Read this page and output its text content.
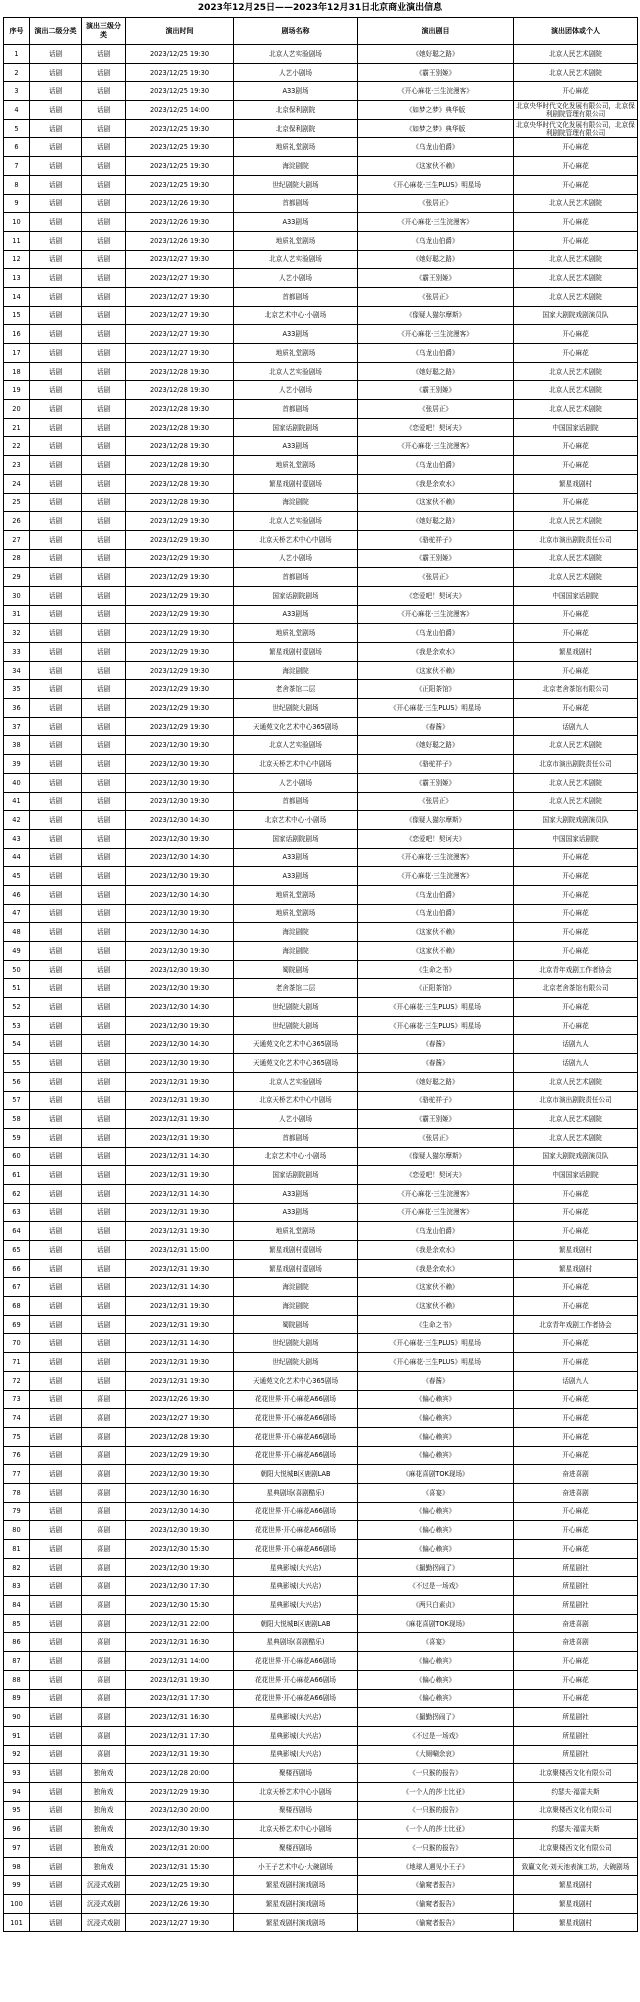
2023年12月25日——2023年12月31日北京商业演出信息
序号	演出二级分类	演出三级分类	演出时间	剧场名称	演出剧目	演出团体或个人
1	话剧	话剧	2023/12/25 19:30	北京人艺实验剧场	《她好聪之路》	北京人民艺术剧院
2	话剧	话剧	2023/12/25 19:30	人艺小剧场	《霸王别姬》	北京人民艺术剧院
3	话剧	话剧	2023/12/25 19:30	A33剧场	《开心麻花·三生浣漫客》	开心麻花
4	话剧	话剧	2023/12/25 14:00	北京保利剧院	《如梦之梦》典华版	北京央华时代文化发展有限公司，北京保利剧院管理有限公司
5	话剧	话剧	2023/12/25 19:30	北京保利剧院	《如梦之梦》典华版	北京央华时代文化发展有限公司，北京保利剧院管理有限公司
6	话剧	话剧	2023/12/25 19:30	地质礼堂剧场	《乌龙山伯爵》	开心麻花
7	话剧	话剧	2023/12/25 19:30	海淀剧院	《这家伙不赖》	开心麻花
8	话剧	话剧	2023/12/25 19:30	世纪剧院大剧场	《开心麻花·三生PLUS》明星场	开心麻花
9	话剧	话剧	2023/12/26 19:30	首都剧场	《张居正》	北京人民艺术剧院
10	话剧	话剧	2023/12/26 19:30	A33剧场	《开心麻花·三生浣漫客》	开心麻花
11	话剧	话剧	2023/12/26 19:30	地质礼堂剧场	《乌龙山伯爵》	开心麻花
12	话剧	话剧	2023/12/27 19:30	北京人艺实验剧场	《她好聪之路》	北京人民艺术剧院
13	话剧	话剧	2023/12/27 19:30	人艺小剧场	《霸王别姬》	北京人民艺术剧院
14	话剧	话剧	2023/12/27 19:30	首都剧场	《张居正》	北京人民艺术剧院
15	话剧	话剧	2023/12/27 19:30	北京艺术中心·小剧场	《像疑人猫尔摩斯》	国家大剧院戏剧演员队
16	话剧	话剧	2023/12/27 19:30	A33剧场	《开心麻花·三生浣漫客》	开心麻花
17	话剧	话剧	2023/12/27 19:30	地质礼堂剧场	《乌龙山伯爵》	开心麻花
18	话剧	话剧	2023/12/28 19:30	北京人艺实验剧场	《她好聪之路》	北京人民艺术剧院
19	话剧	话剧	2023/12/28 19:30	人艺小剧场	《霸王别姬》	北京人民艺术剧院
20	话剧	话剧	2023/12/28 19:30	首都剧场	《张居正》	北京人民艺术剧院
21	话剧	话剧	2023/12/28 19:30	国家话剧院剧场	《恋爱吧！契诃夫》	中国国家话剧院
22	话剧	话剧	2023/12/28 19:30	A33剧场	《开心麻花·三生浣漫客》	开心麻花
23	话剧	话剧	2023/12/28 19:30	地质礼堂剧场	《乌龙山伯爵》	开心麻花
24	话剧	话剧	2023/12/28 19:30	繁星戏剧村壹剧场	《我是余欢水》	繁星戏剧村
25	话剧	话剧	2023/12/28 19:30	海淀剧院	《这家伙不赖》	开心麻花
26	话剧	话剧	2023/12/29 19:30	北京人艺实验剧场	《她好聪之路》	北京人民艺术剧院
27	话剧	话剧	2023/12/29 19:30	北京天桥艺术中心中剧场	《骆驼祥子》	北京市演出剧院责任公司
28	话剧	话剧	2023/12/29 19:30	人艺小剧场	《霸王别姬》	北京人民艺术剧院
29	话剧	话剧	2023/12/29 19:30	首都剧场	《张居正》	北京人民艺术剧院
30	话剧	话剧	2023/12/29 19:30	国家话剧院剧场	《恋爱吧！契诃夫》	中国国家话剧院
31	话剧	话剧	2023/12/29 19:30	A33剧场	《开心麻花·三生浣漫客》	开心麻花
32	话剧	话剧	2023/12/29 19:30	地质礼堂剧场	《乌龙山伯爵》	开心麻花
33	话剧	话剧	2023/12/29 19:30	繁星戏剧村壹剧场	《我是余欢水》	繁星戏剧村
34	话剧	话剧	2023/12/29 19:30	海淀剧院	《这家伙不赖》	开心麻花
35	话剧	话剧	2023/12/29 19:30	老舍茶馆二层	《正阳茶馆》	北京老舍茶馆有限公司
36	话剧	话剧	2023/12/29 19:30	世纪剧院大剧场	《开心麻花·三生PLUS》明星场	开心麻花
37	话剧	话剧	2023/12/29 19:30	天通苑文化艺术中心365剧场	《春酱》	话剧九人
38	话剧	话剧	2023/12/30 19:30	北京人艺实验剧场	《她好聪之路》	北京人民艺术剧院
39	话剧	话剧	2023/12/30 19:30	北京天桥艺术中心中剧场	《骆驼祥子》	北京市演出剧院责任公司
40	话剧	话剧	2023/12/30 19:30	人艺小剧场	《霸王别姬》	北京人民艺术剧院
41	话剧	话剧	2023/12/30 19:30	首都剧场	《张居正》	北京人民艺术剧院
42	话剧	话剧	2023/12/30 14:30	北京艺术中心·小剧场	《像疑人猫尔摩斯》	国家大剧院戏剧演员队
43	话剧	话剧	2023/12/30 19:30	国家话剧院剧场	《恋爱吧！契诃夫》	中国国家话剧院
44	话剧	话剧	2023/12/30 14:30	A33剧场	《开心麻花·三生浣漫客》	开心麻花
45	话剧	话剧	2023/12/30 19:30	A33剧场	《开心麻花·三生浣漫客》	开心麻花
46	话剧	话剧	2023/12/30 14:30	地质礼堂剧场	《乌龙山伯爵》	开心麻花
47	话剧	话剧	2023/12/30 19:30	地质礼堂剧场	《乌龙山伯爵》	开心麻花
48	话剧	话剧	2023/12/30 14:30	海淀剧院	《这家伙不赖》	开心麻花
49	话剧	话剧	2023/12/30 19:30	海淀剧院	《这家伙不赖》	开心麻花
50	话剧	话剧	2023/12/30 19:30	蜀院剧场	《生命之书》	北京青年戏剧工作者协会
51	话剧	话剧	2023/12/30 19:30	老舍茶馆二层	《正阳茶馆》	北京老舍茶馆有限公司
52	话剧	话剧	2023/12/30 14:30	世纪剧院大剧场	《开心麻花·三生PLUS》明星场	开心麻花
53	话剧	话剧	2023/12/30 19:30	世纪剧院大剧场	《开心麻花·三生PLUS》明星场	开心麻花
54	话剧	话剧	2023/12/30 14:30	天通苑文化艺术中心365剧场	《春酱》	话剧九人
55	话剧	话剧	2023/12/30 19:30	天通苑文化艺术中心365剧场	《春酱》	话剧九人
56	话剧	话剧	2023/12/31 19:30	北京人艺实验剧场	《她好聪之路》	北京人民艺术剧院
57	话剧	话剧	2023/12/31 19:30	北京天桥艺术中心中剧场	《骆驼祥子》	北京市演出剧院责任公司
58	话剧	话剧	2023/12/31 19:30	人艺小剧场	《霸王别姬》	北京人民艺术剧院
59	话剧	话剧	2023/12/31 19:30	首都剧场	《张居正》	北京人民艺术剧院
60	话剧	话剧	2023/12/31 14:30	北京艺术中心·小剧场	《像疑人猫尔摩斯》	国家大剧院戏剧演员队
61	话剧	话剧	2023/12/31 19:30	国家话剧院剧场	《恋爱吧！契诃夫》	中国国家话剧院
62	话剧	话剧	2023/12/31 14:30	A33剧场	《开心麻花·三生浣漫客》	开心麻花
63	话剧	话剧	2023/12/31 19:30	A33剧场	《开心麻花·三生浣漫客》	开心麻花
64	话剧	话剧	2023/12/31 19:30	地质礼堂剧场	《乌龙山伯爵》	开心麻花
65	话剧	话剧	2023/12/31 15:00	繁星戏剧村壹剧场	《我是余欢水》	繁星戏剧村
66	话剧	话剧	2023/12/31 19:30	繁星戏剧村壹剧场	《我是余欢水》	繁星戏剧村
67	话剧	话剧	2023/12/31 14:30	海淀剧院	《这家伙不赖》	开心麻花
68	话剧	话剧	2023/12/31 19:30	海淀剧院	《这家伙不赖》	开心麻花
69	话剧	话剧	2023/12/31 19:30	蜀院剧场	《生命之书》	北京青年戏剧工作者协会
70	话剧	话剧	2023/12/31 14:30	世纪剧院大剧场	《开心麻花·三生PLUS》明星场	开心麻花
71	话剧	话剧	2023/12/31 19:30	世纪剧院大剧场	《开心麻花·三生PLUS》明星场	开心麻花
72	话剧	话剧	2023/12/31 19:30	天通苑文化艺术中心365剧场	《春酱》	话剧九人
73	话剧	喜剧	2023/12/26 19:30	花花世界·开心麻花A66剧场	《偏心赖宾》	开心麻花
74	话剧	喜剧	2023/12/27 19:30	花花世界·开心麻花A66剧场	《偏心赖宾》	开心麻花
75	话剧	喜剧	2023/12/28 19:30	花花世界·开心麻花A66剧场	《偏心赖宾》	开心麻花
76	话剧	喜剧	2023/12/29 19:30	花花世界·开心麻花A66剧场	《偏心赖宾》	开心麻花
77	话剧	喜剧	2023/12/30 19:30	朝阳大悦城B区鹿剧LAB	《麻花喜剧TOK现场》	奋进喜剧
78	话剧	喜剧	2023/12/30 16:30	星典剧场(喜剧酷乐)	《喜宴》	奋进喜剧
79	话剧	喜剧	2023/12/30 14:30	花花世界·开心麻花A66剧场	《偏心赖宾》	开心麻花
80	话剧	喜剧	2023/12/30 19:30	花花世界·开心麻花A66剧场	《偏心赖宾》	开心麻花
81	话剧	喜剧	2023/12/30 15:30	花花世界·开心麻花A66剧场	《偏心赖宾》	开心麻花
82	话剧	喜剧	2023/12/30 19:30	星典影城(大兴店)	《撮勤拐闹了》	所星剧社
83	话剧	喜剧	2023/12/30 17:30	星典影城(大兴店)	《不过是一场戏》	所星剧社
84	话剧	喜剧	2023/12/30 15:30	星典影城(大兴店)	《两只白素贞》	所星剧社
85	话剧	喜剧	2023/12/31 22:00	朝阳大悦城B区鹿剧LAB	《麻花喜剧TOK现场》	奋进喜剧
86	话剧	喜剧	2023/12/31 16:30	星典剧场(喜剧酷乐)	《喜宴》	奋进喜剧
87	话剧	喜剧	2023/12/31 14:00	花花世界·开心麻花A66剧场	《偏心赖宾》	开心麻花
88	话剧	喜剧	2023/12/31 19:30	花花世界·开心麻花A66剧场	《偏心赖宾》	开心麻花
89	话剧	喜剧	2023/12/31 17:30	花花世界·开心麻花A66剧场	《偏心赖宾》	开心麻花
90	话剧	喜剧	2023/12/31 16:30	星典影城(大兴店)	《撮勤拐闹了》	所星剧社
91	话剧	喜剧	2023/12/31 17:30	星典影城(大兴店)	《不过是一场戏》	所星剧社
92	话剧	喜剧	2023/12/31 19:30	星典影城(大兴店)	《大厕唰余哀》	所星剧社
93	话剧	独角戏	2023/12/28 20:00	聚楼西剧场	《一只猴的报告》	北京聚楼西文化有限公司
94	话剧	独角戏	2023/12/29 19:30	北京天桥艺术中心小剧场	《一个人的莎士比亚》	约瑟夫·福雷夫斯
95	话剧	独角戏	2023/12/30 20:00	聚楼西剧场	《一只猴的报告》	北京聚楼西文化有限公司
96	话剧	独角戏	2023/12/30 19:30	北京天桥艺术中心小剧场	《一个人的莎士比亚》	约瑟夫·福雷夫斯
97	话剧	独角戏	2023/12/31 20:00	聚楼西剧场	《一只猴的报告》	北京聚楼西文化有限公司
98	话剧	独角戏	2023/12/31 15:30	小王子艺术中心·大碗剧场	《地球人遇见小王子》	致赢文化·刘天池表演工坊，大碗剧场
99	话剧	沉浸式戏剧	2023/12/25 19:30	繁星戏剧村演戏剧场	《偷窥者报告》	繁星戏剧村
100	话剧	沉浸式戏剧	2023/12/26 19:30	繁星戏剧村演戏剧场	《偷窥者报告》	繁星戏剧村
101	话剧	沉浸式戏剧	2023/12/27 19:30	繁星戏剧村演戏剧场	《偷窥者报告》	繁星戏剧村
